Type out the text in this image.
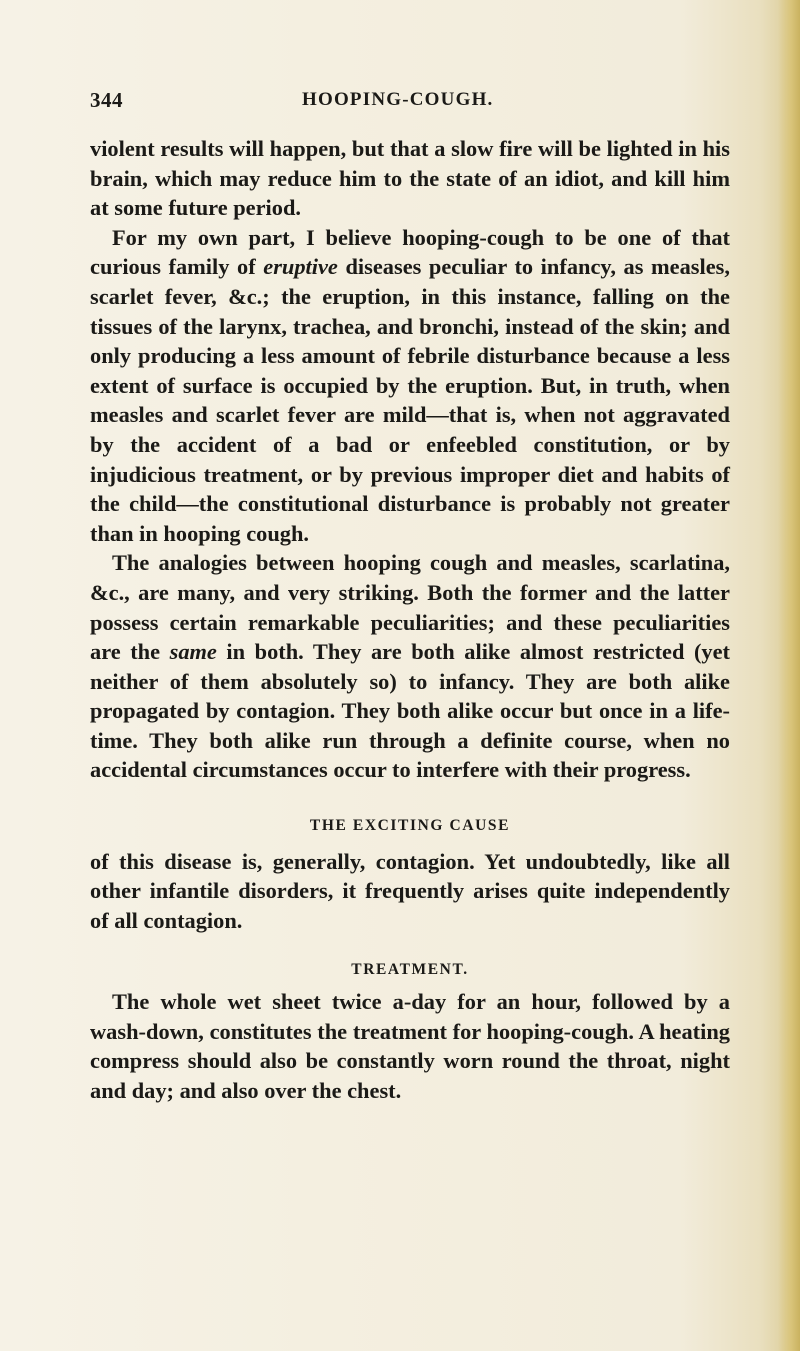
344	HOOPING-COUGH.

violent results will happen, but that a slow fire will be lighted in his brain, which may reduce him to the state of an idiot, and kill him at some future period.

For my own part, I believe hooping-cough to be one of that curious family of eruptive diseases peculiar to infancy, as measles, scarlet fever, &c.; the eruption, in this instance, falling on the tissues of the larynx, trachea, and bronchi, instead of the skin; and only producing a less amount of febrile disturbance because a less extent of surface is occupied by the eruption. But, in truth, when measles and scarlet fever are mild—that is, when not aggravated by the accident of a bad or enfeebled constitution, or by injudicious treatment, or by previous improper diet and habits of the child—the constitutional disturbance is probably not greater than in hooping cough.

The analogies between hooping cough and measles, scarlatina, &c., are many, and very striking. Both the former and the latter possess certain remarkable peculiarities; and these peculiarities are the same in both. They are both alike almost restricted (yet neither of them absolutely so) to infancy. They are both alike propagated by contagion. They both alike occur but once in a life-time. They both alike run through a definite course, when no accidental circumstances occur to interfere with their progress.

THE EXCITING CAUSE

of this disease is, generally, contagion. Yet undoubtedly, like all other infantile disorders, it frequently arises quite independently of all contagion.

TREATMENT.

The whole wet sheet twice a-day for an hour, followed by a wash-down, constitutes the treatment for hooping-cough. A heating compress should also be constantly worn round the throat, night and day; and also over the chest.
